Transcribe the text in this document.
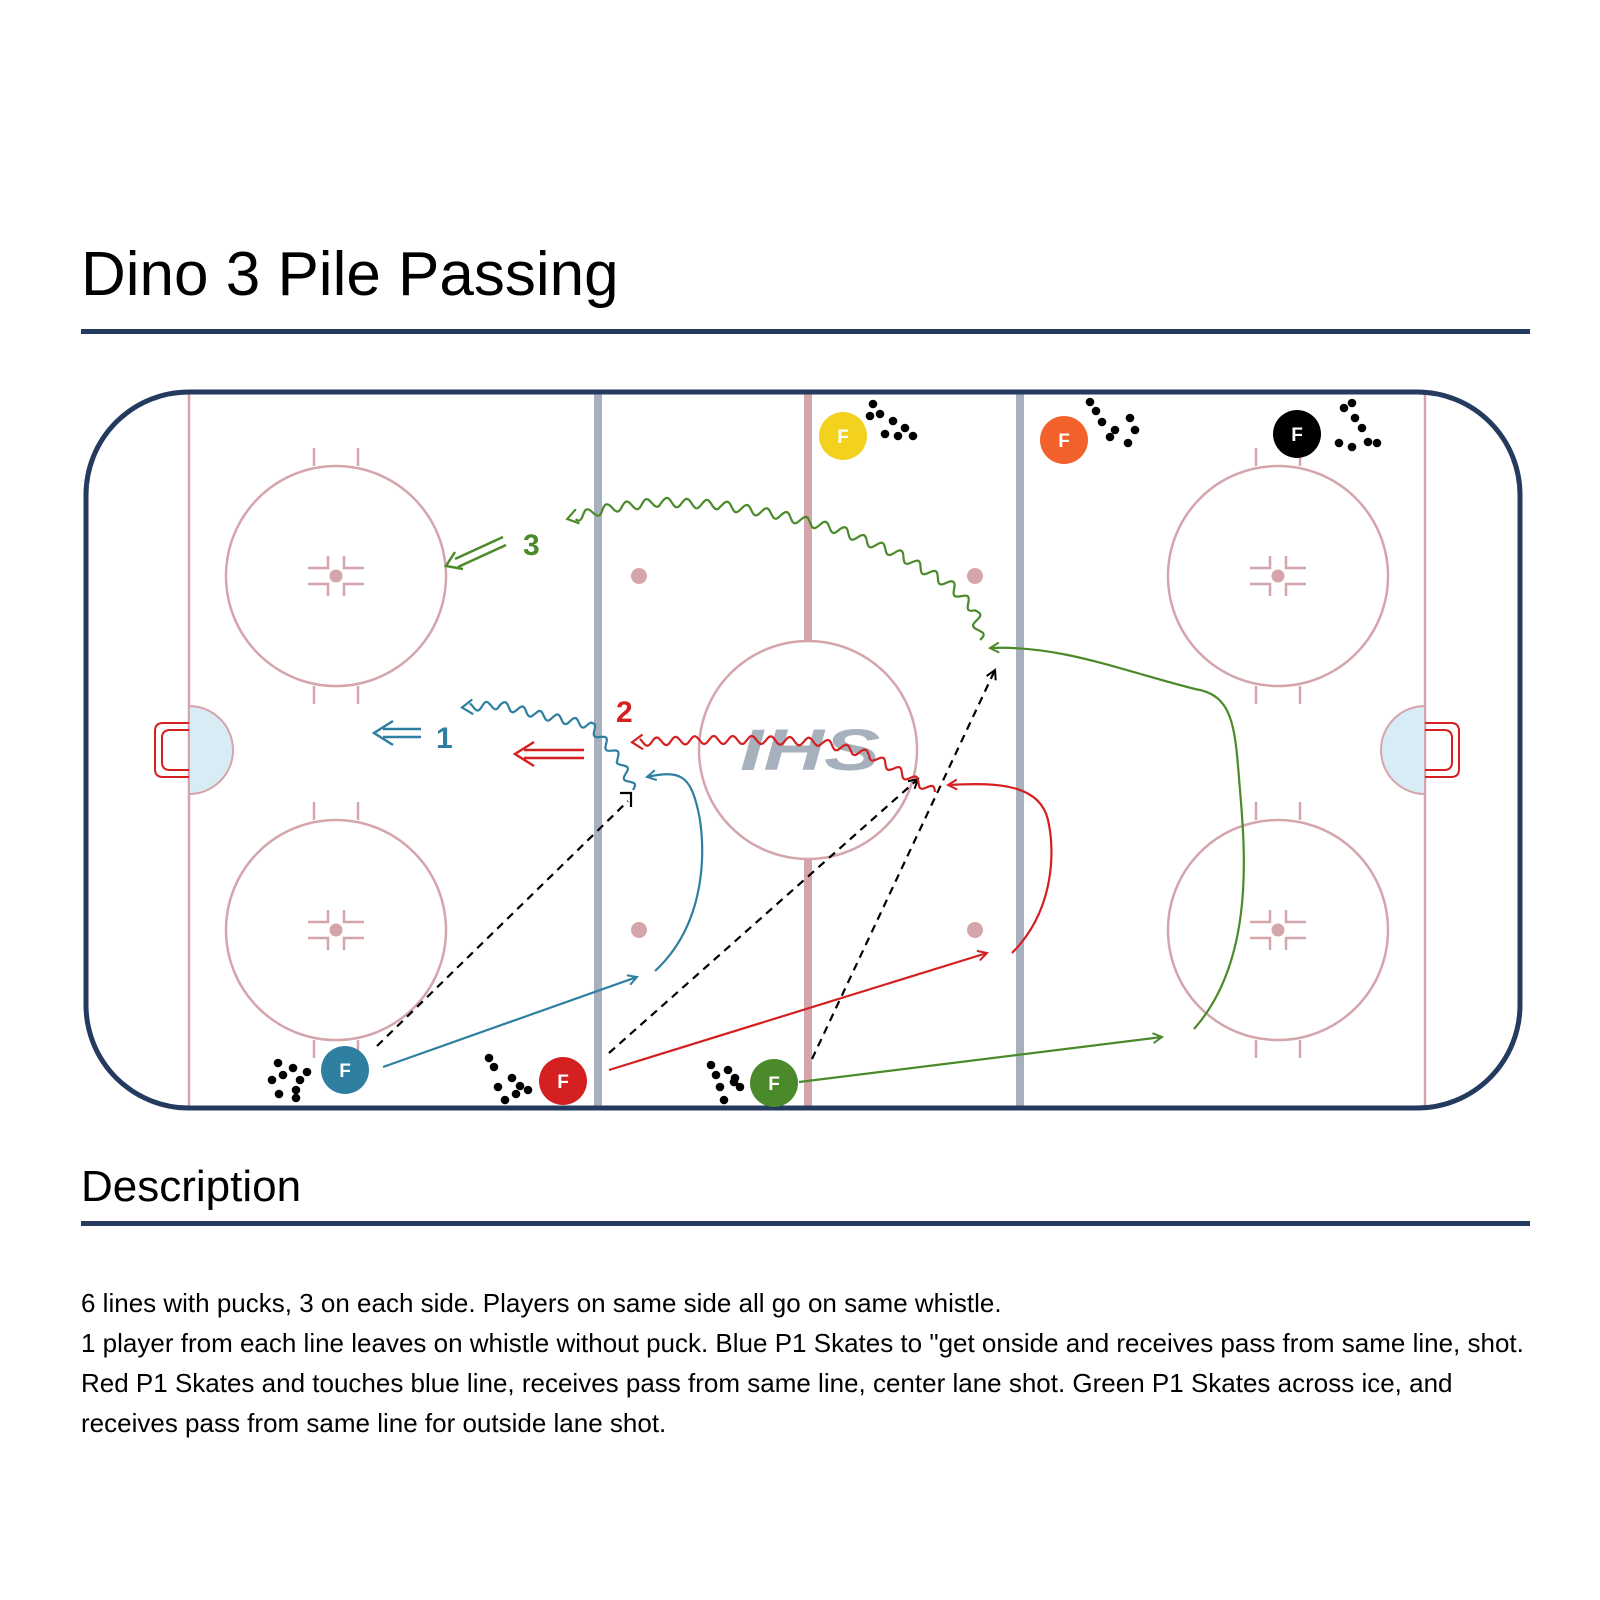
Dino 3 Pile Passing
IHS
1
2
3
F
F	F
F	F	F
Description

6 lines with pucks, 3 on each side. Players on same side all go on same whistle.

1 player from each line leaves on whistle without puck. Blue P1 Skates to "get onside and receives pass from same line, shot. Red P1 Skates and touches blue line, receives pass from same line, center lane shot. Green P1 Skates across ice, and receives pass from same line for outside lane shot.
